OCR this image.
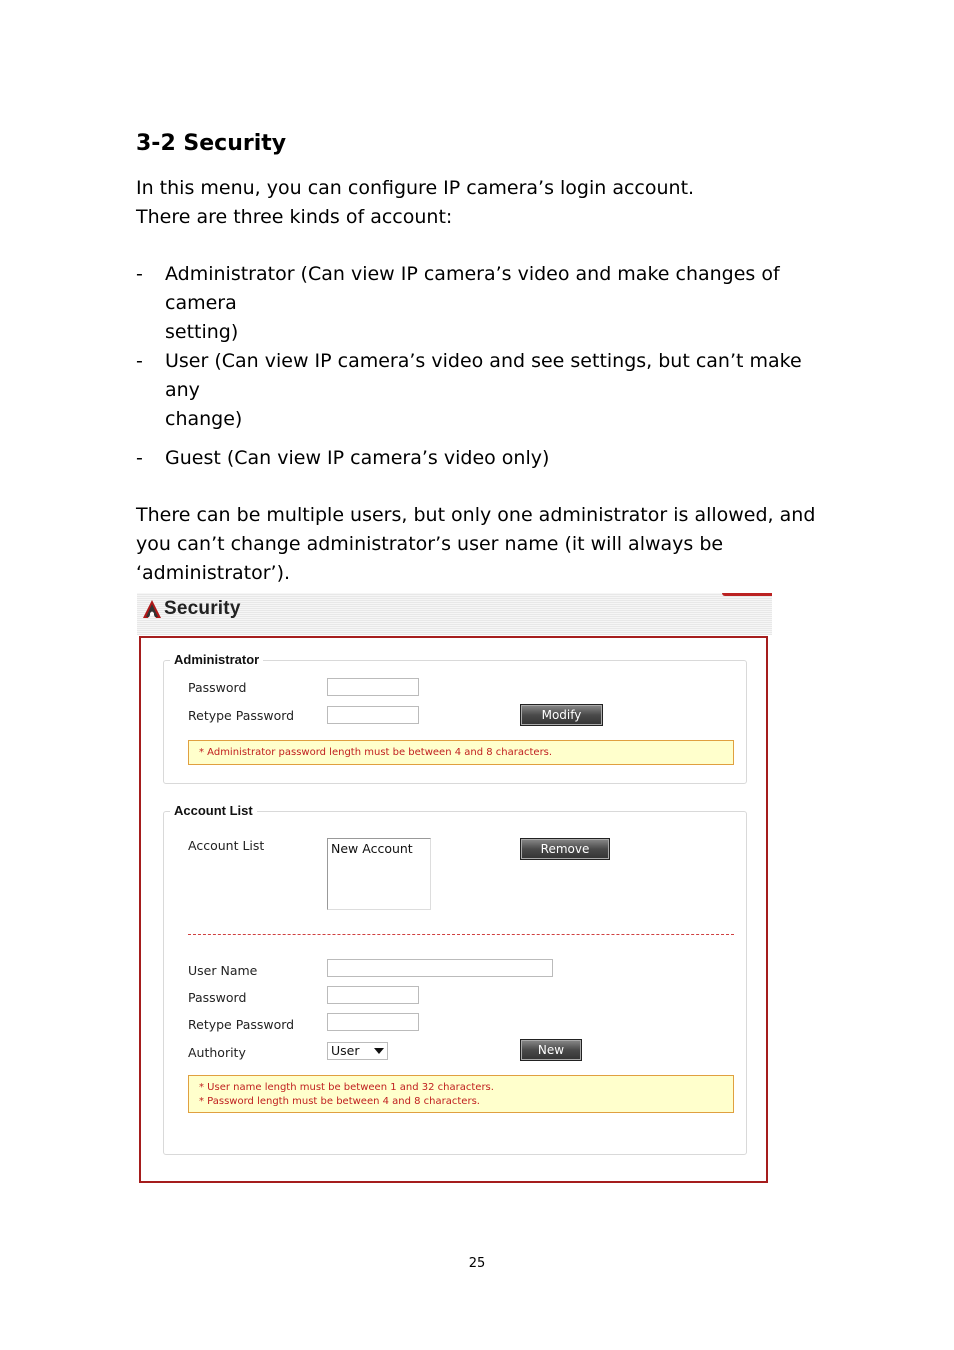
3-2 Security
In this menu, you can configure IP camera’s login account.
There are three kinds of account:
- Administrator (Can view IP camera’s video and make changes of camera
setting)
- User (Can view IP camera’s video and see settings, but can’t make any
change)
- Guest (Can view IP camera’s video only)
There can be multiple users, but only one administrator is allowed, and
you can’t change administrator’s user name (it will always be
‘administrator’).
Security
Administrator
Password
Retype Password	Modify
* Administrator password length must be between 4 and 8 characters.
Account List
Account List	New Account	Remove
User Name
Password
Retype Password
Authority	User	New
* User name length must be between 1 and 32 characters.
* Password length must be between 4 and 8 characters.
25
